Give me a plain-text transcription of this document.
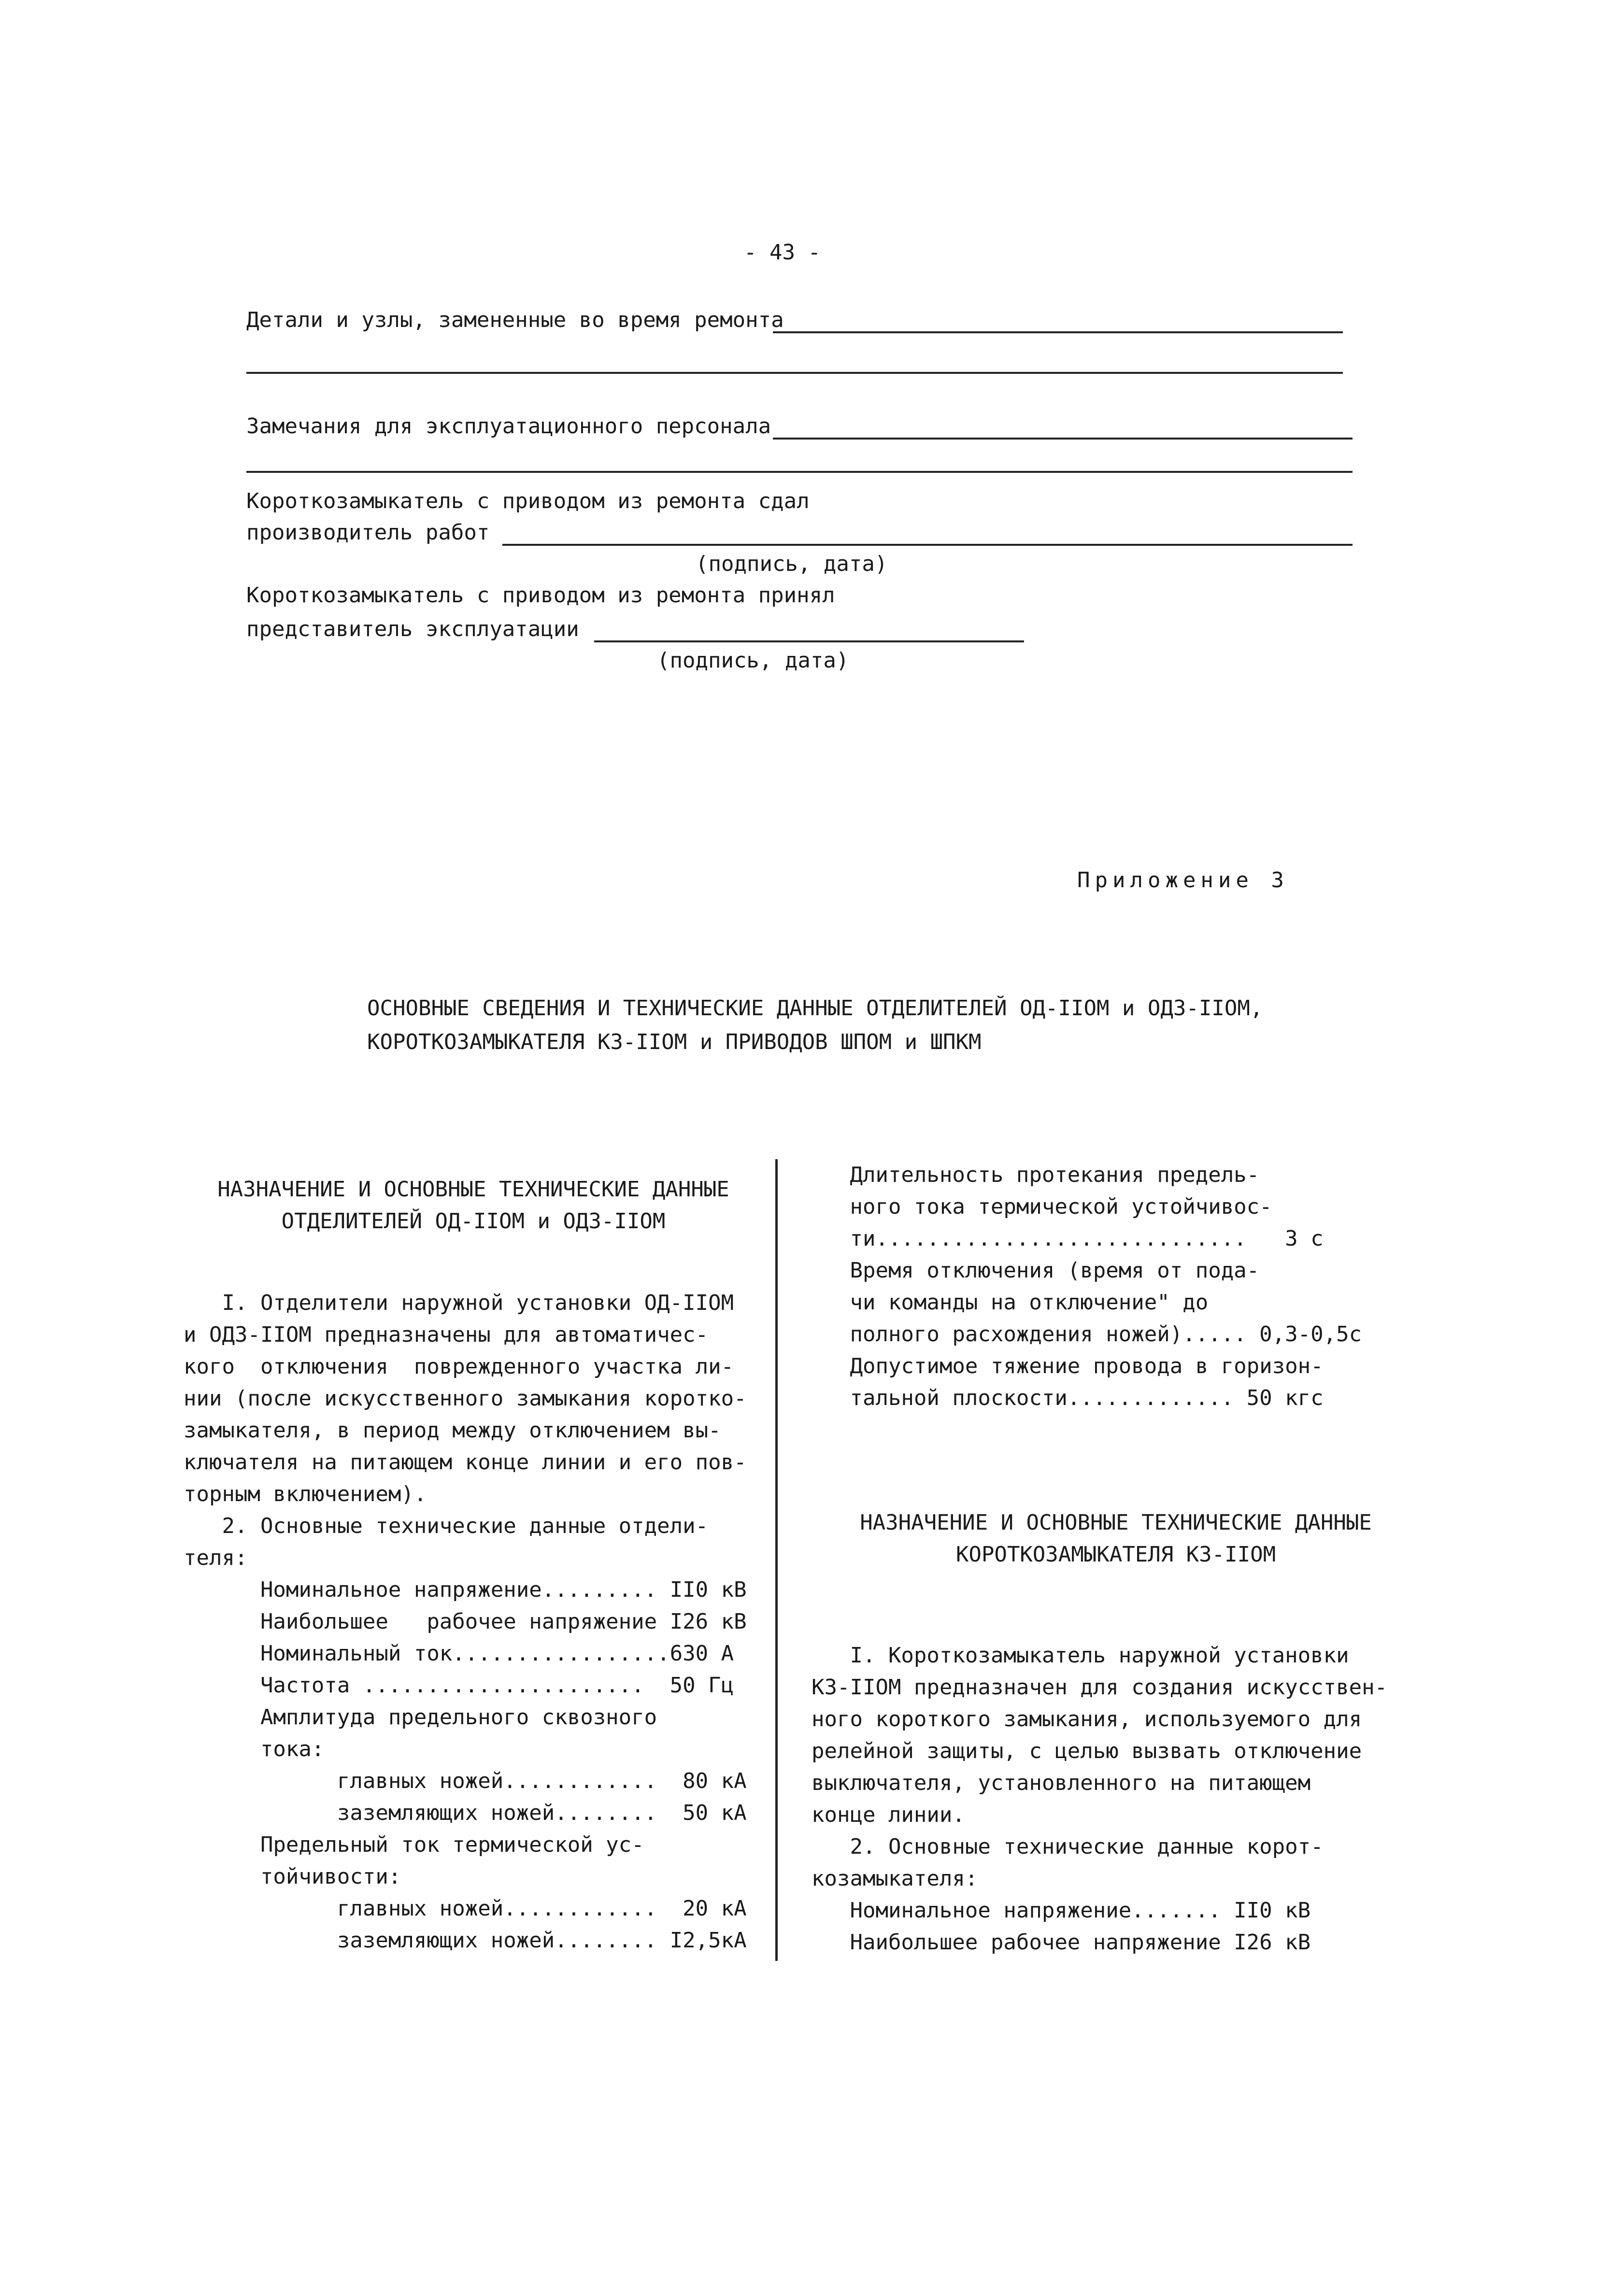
- 43 -
Детали и узлы, замененные во время ремонта
Замечания для эксплуатационного персонала
Короткозамыкатель с приводом из ремонта сдал
производитель работ
(подпись, дата)
Короткозамыкатель с приводом из ремонта принял
представитель эксплуатации
(подпись, дата)
Приложение 3
ОСНОВНЫЕ СВЕДЕНИЯ И ТЕХНИЧЕСКИЕ ДАННЫЕ ОТДЕЛИТЕЛЕЙ ОД-IIOM и ОДЗ-IIOM,
КОРОТКОЗАМЫКАТЕЛЯ КЗ-IIOM и ПРИВОДОВ ШПОМ и ШПКМ
НАЗНАЧЕНИЕ И ОСНОВНЫЕ ТЕХНИЧЕСКИЕ ДАННЫЕ
ОТДЕЛИТЕЛЕЙ ОД-IIOM и ОДЗ-IIOM
I. Отделители наружной установки ОД-IIOM
и ОДЗ-IIOM предназначены для автоматичес-
кого  отключения  поврежденного участка ли-
нии (после искусственного замыкания коротко-
замыкателя, в период между отключением вы-
ключателя на питающем конце линии и его пов-
торным включением).
2. Основные технические данные отдели-
теля:
Номинальное напряжение......... II0 кВ
Наибольшее   рабочее напряжение I26 кВ
Номинальный ток.................630 А
Частота ......................  50 Гц
Амплитуда предельного сквозного
тока:
главных ножей............  80 кА
заземляющих ножей........  50 кА
Предельный ток термической ус-
тойчивости:
главных ножей............  20 кА
заземляющих ножей........ I2,5кА
Длительность протекания предель-
ного тока термической устойчивос-
ти.............................   3 с
Время отключения (время от пода-
чи команды на отключение" до
полного расхождения ножей)..... 0,3-0,5с
Допустимое тяжение провода в горизон-
тальной плоскости............. 50 кгс
НАЗНАЧЕНИЕ И ОСНОВНЫЕ ТЕХНИЧЕСКИЕ ДАННЫЕ
КОРОТКОЗАМЫКАТЕЛЯ КЗ-IIOM
I. Короткозамыкатель наружной установки
КЗ-IIOM предназначен для создания искусствен-
ного короткого замыкания, используемого для
релейной защиты, с целью вызвать отключение
выключателя, установленного на питающем
конце линии.
2. Основные технические данные корот-
козамыкателя:
Номинальное напряжение....... II0 кВ
Наибольшее рабочее напряжение I26 кВ
